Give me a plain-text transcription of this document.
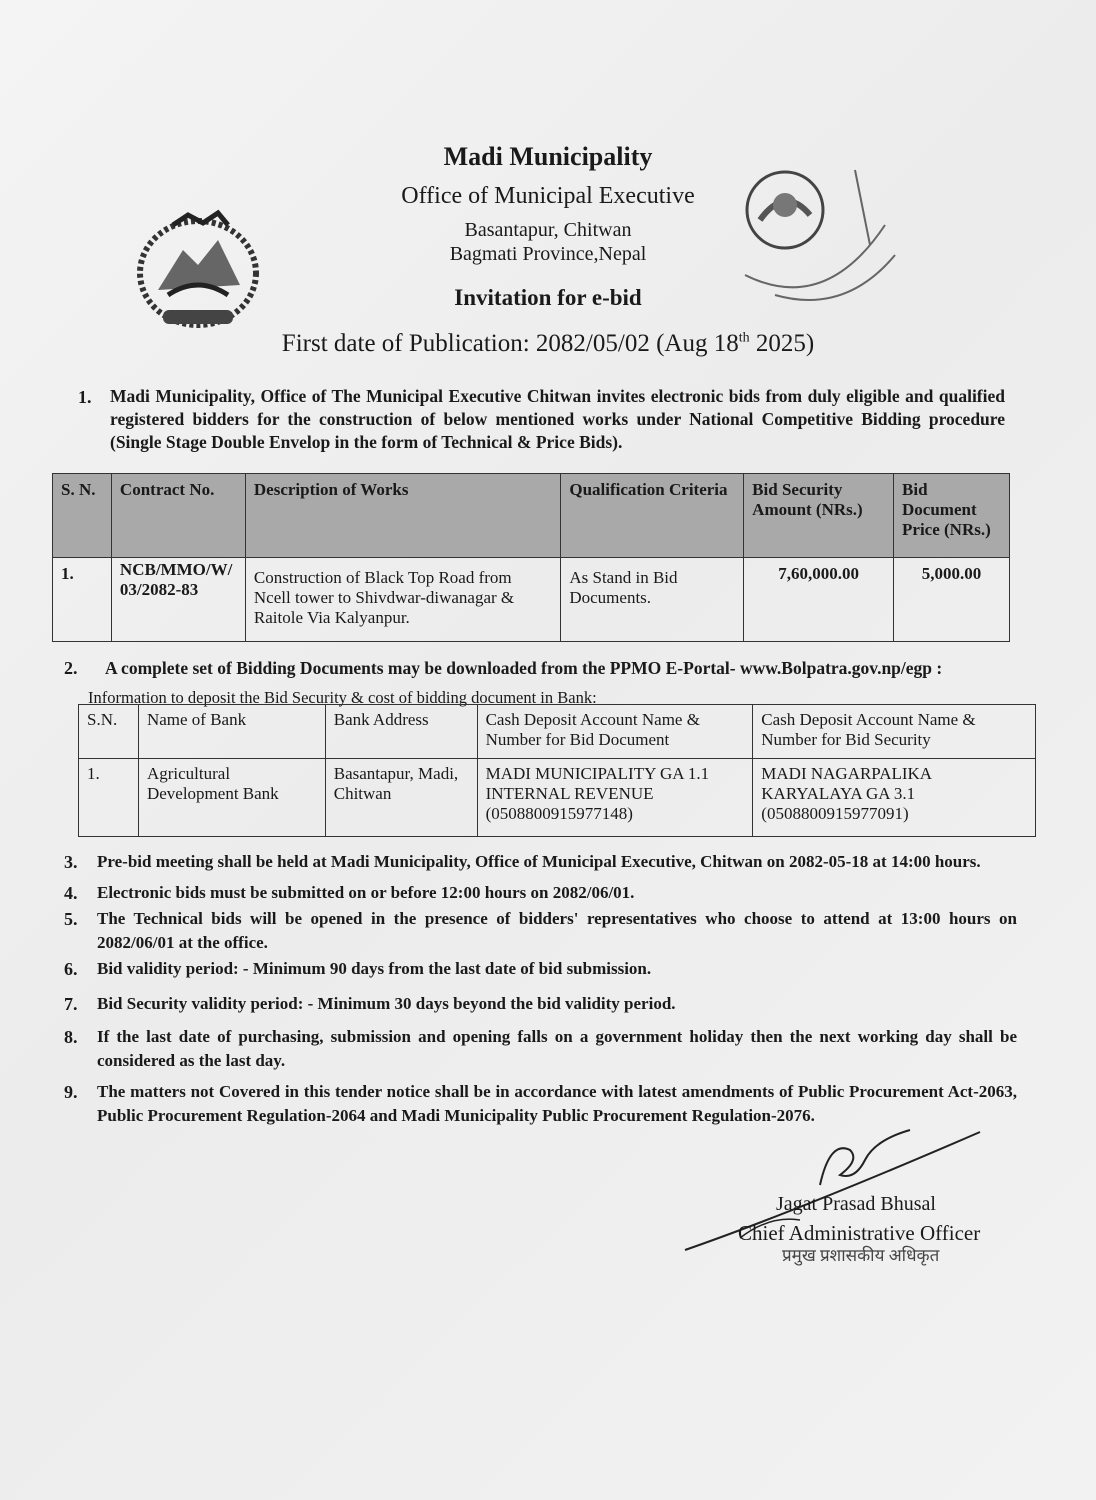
Madi Municipality
Office of Municipal Executive
Basantapur, Chitwan
Bagmati Province,Nepal
Invitation for e-bid
First date of Publication: 2082/05/02 (Aug 18th 2025)
1. Madi Municipality, Office of The Municipal Executive Chitwan invites electronic bids from duly eligible and qualified registered bidders for the construction of below mentioned works under National Competitive Bidding procedure (Single Stage Double Envelop in the form of Technical & Price Bids).
S. N.	Contract No.	Description of Works	Qualification Criteria	Bid Security Amount (NRs.)	Bid Document Price (NRs.)
1.	NCB/MMO/W/ 03/2082-83	Construction of Black Top Road from Ncell tower to Shivdwar-diwanagar & Raitole Via Kalyanpur.	As Stand in Bid Documents.	7,60,000.00	5,000.00
2. A complete set of Bidding Documents may be downloaded from the PPMO E-Portal- www.Bolpatra.gov.np/egp :
Information to deposit the Bid Security & cost of bidding document in Bank:
S.N.	Name of Bank	Bank Address	Cash Deposit Account Name & Number for Bid Document	Cash Deposit Account Name & Number for Bid Security
1.	Agricultural Development Bank	Basantapur, Madi, Chitwan	MADI MUNICIPALITY GA 1.1 INTERNAL REVENUE (0508800915977148)	MADI NAGARPALIKA KARYALAYA GA 3.1 (0508800915977091)
3. Pre-bid meeting shall be held at Madi Municipality, Office of Municipal Executive, Chitwan on 2082-05-18 at 14:00 hours.
4. Electronic bids must be submitted on or before 12:00 hours on 2082/06/01.
5. The Technical bids will be opened in the presence of bidders' representatives who choose to attend at 13:00 hours on 2082/06/01 at the office.
6. Bid validity period: - Minimum 90 days from the last date of bid submission.
7. Bid Security validity period: - Minimum 30 days beyond the bid validity period.
8. If the last date of purchasing, submission and opening falls on a government holiday then the next working day shall be considered as the last day.
9. The matters not Covered in this tender notice shall be in accordance with latest amendments of Public Procurement Act-2063, Public Procurement Regulation-2064 and Madi Municipality Public Procurement Regulation-2076.
Jagat Prasad Bhusal
Chief Administrative Officer
प्रमुख प्रशासकीय अधिकृत
